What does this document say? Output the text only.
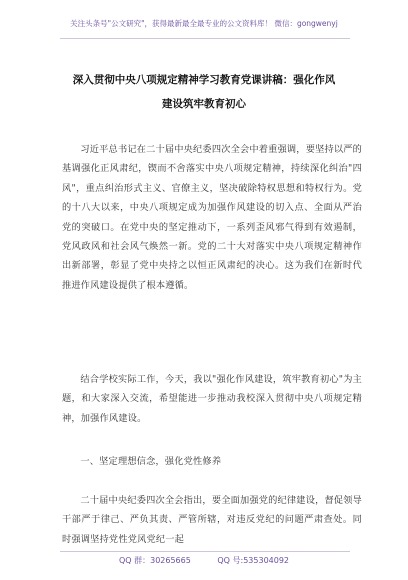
关注头条号"公文研究"，获得最新最全最专业的公文资料库！ 微信：gongwenyj
深入贯彻中央八项规定精神学习教育党课讲稿：强化作风
建设筑牢教育初心

习近平总书记在二十届中央纪委四次全会中着重强调，要坚持以严的基调强化正风肃纪，锲而不舍落实中央八项规定精神，持续深化纠治"四风"，重点纠治形式主义、官僚主义，坚决破除特权思想和特权行为。党的十八大以来，中央八项规定成为加强作风建设的切入点、全面从严治党的突破口。在党中央的坚定推动下，一系列歪风邪气得到有效遏制，党风政风和社会风气焕然一新。党的二十大对落实中央八项规定精神作出新部署，彰显了党中央持之以恒正风肃纪的决心。这为我们在新时代推进作风建设提供了根本遵循。

结合学校实际工作，今天，我以"强化作风建设，筑牢教育初心"为主题，和大家深入交流，希望能进一步推动我校深入贯彻中央八项规定精神，加强作风建设。

一、坚定理想信念，强化党性修养

二十届中央纪委四次全会指出，要全面加强党的纪律建设，督促领导干部严于律己、严负其责、严管所辖，对违反党纪的问题严肃查处。同时强调坚持党性党风党纪一起

QQ 群：30265665	QQ 号:535304092
